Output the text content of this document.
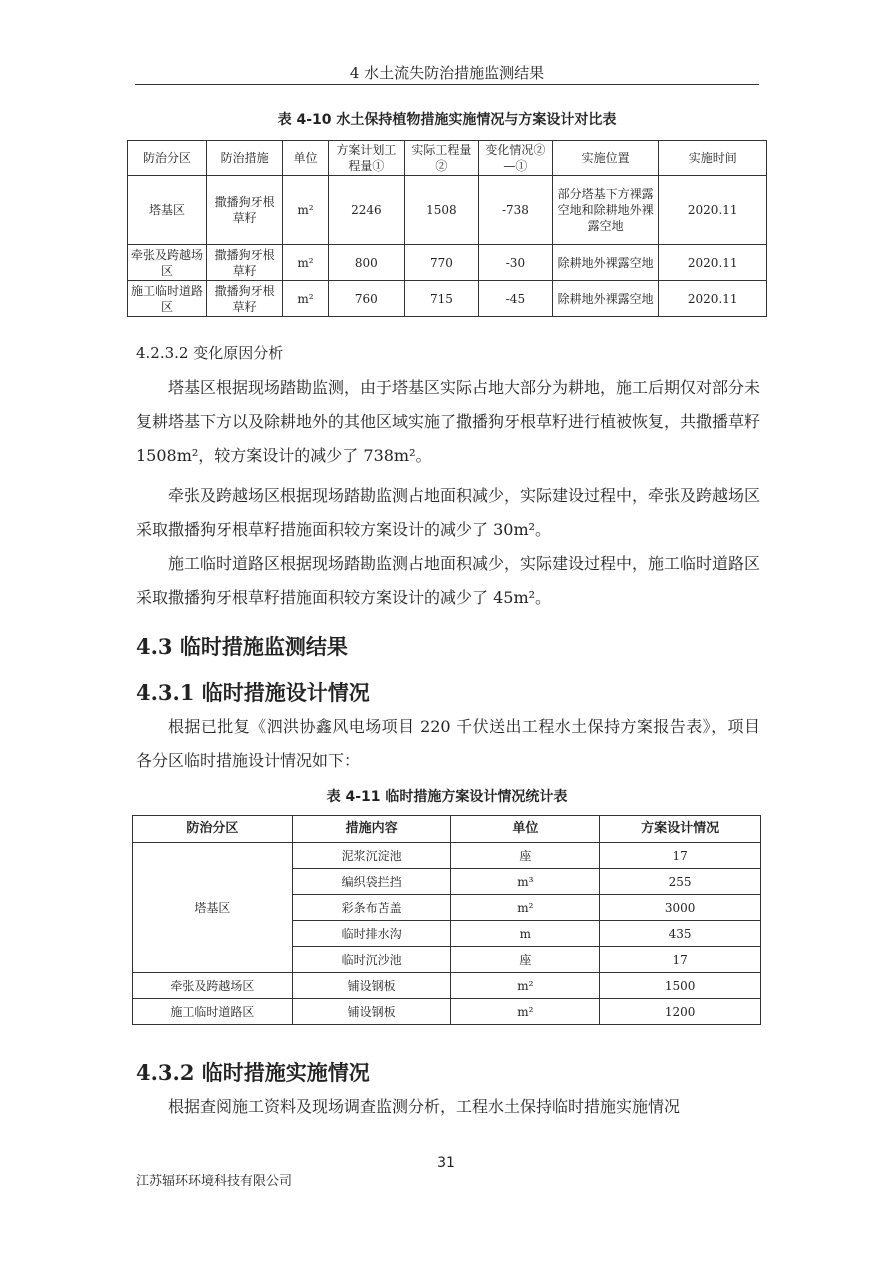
4 水土流失防治措施监测结果
表 4-10 水土保持植物措施实施情况与方案设计对比表
防治分区	防治措施	单位	方案计划工程量①	实际工程量②	变化情况②—①	实施位置	实施时间
塔基区	撒播狗牙根草籽	m²	2246	1508	-738	部分塔基下方裸露空地和除耕地外裸露空地	2020.11
牵张及跨越场区	撒播狗牙根草籽	m²	800	770	-30	除耕地外裸露空地	2020.11
施工临时道路区	撒播狗牙根草籽	m²	760	715	-45	除耕地外裸露空地	2020.11
4.2.3.2 变化原因分析
塔基区根据现场踏勘监测，由于塔基区实际占地大部分为耕地，施工后期仅对部分未复耕塔基下方以及除耕地外的其他区域实施了撒播狗牙根草籽进行植被恢复，共撒播草籽 1508m²，较方案设计的减少了 738m²。
牵张及跨越场区根据现场踏勘监测占地面积减少，实际建设过程中，牵张及跨越场区采取撒播狗牙根草籽措施面积较方案设计的减少了 30m²。
施工临时道路区根据现场踏勘监测占地面积减少，实际建设过程中，施工临时道路区采取撒播狗牙根草籽措施面积较方案设计的减少了 45m²。
4.3 临时措施监测结果
4.3.1 临时措施设计情况
根据已批复《泗洪协鑫风电场项目 220 千伏送出工程水土保持方案报告表》，项目各分区临时措施设计情况如下：
表 4-11 临时措施方案设计情况统计表
防治分区	措施内容	单位	方案设计情况
塔基区	泥浆沉淀池	座	17
	编织袋拦挡	m³	255
	彩条布苫盖	m²	3000
	临时排水沟	m	435
	临时沉沙池	座	17
牵张及跨越场区	铺设钢板	m²	1500
施工临时道路区	铺设钢板	m²	1200
4.3.2 临时措施实施情况
根据查阅施工资料及现场调查监测分析，工程水土保持临时措施实施情况
31
江苏辐环环境科技有限公司
